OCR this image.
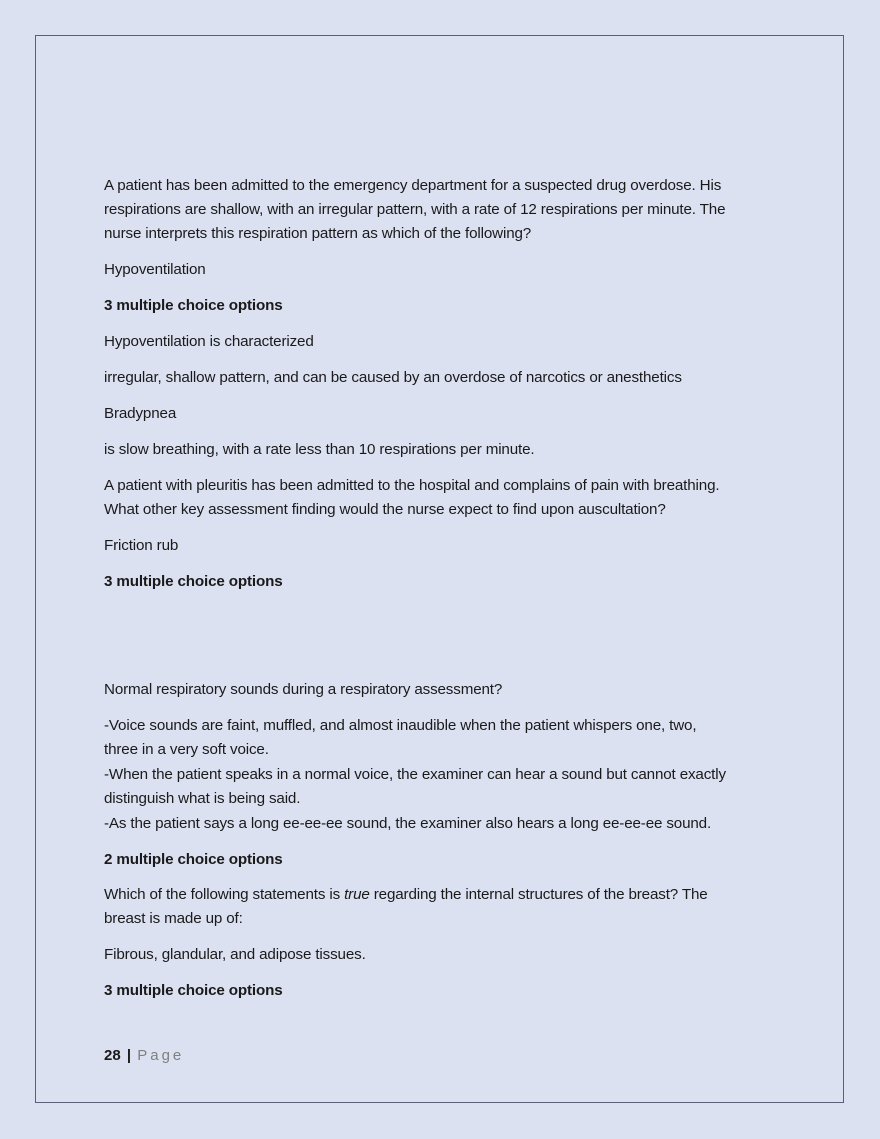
A patient has been admitted to the emergency department for a suspected drug overdose. His
respirations are shallow, with an irregular pattern, with a rate of 12 respirations per minute. The
nurse interprets this respiration pattern as which of the following?
Hypoventilation
3 multiple choice options
Hypoventilation is characterized
irregular, shallow pattern, and can be caused by an overdose of narcotics or anesthetics
Bradypnea
is slow breathing, with a rate less than 10 respirations per minute.
A patient with pleuritis has been admitted to the hospital and complains of pain with breathing.
What other key assessment finding would the nurse expect to find upon auscultation?
Friction rub
3 multiple choice options
Normal respiratory sounds during a respiratory assessment?
-Voice sounds are faint, muffled, and almost inaudible when the patient whispers one, two,
three in a very soft voice.
-When the patient speaks in a normal voice, the examiner can hear a sound but cannot exactly
distinguish what is being said.
-As the patient says a long ee-ee-ee sound, the examiner also hears a long ee-ee-ee sound.
2 multiple choice options
Which of the following statements is true regarding the internal structures of the breast? The
breast is made up of:
Fibrous, glandular, and adipose tissues.
3 multiple choice options
28 | Page
